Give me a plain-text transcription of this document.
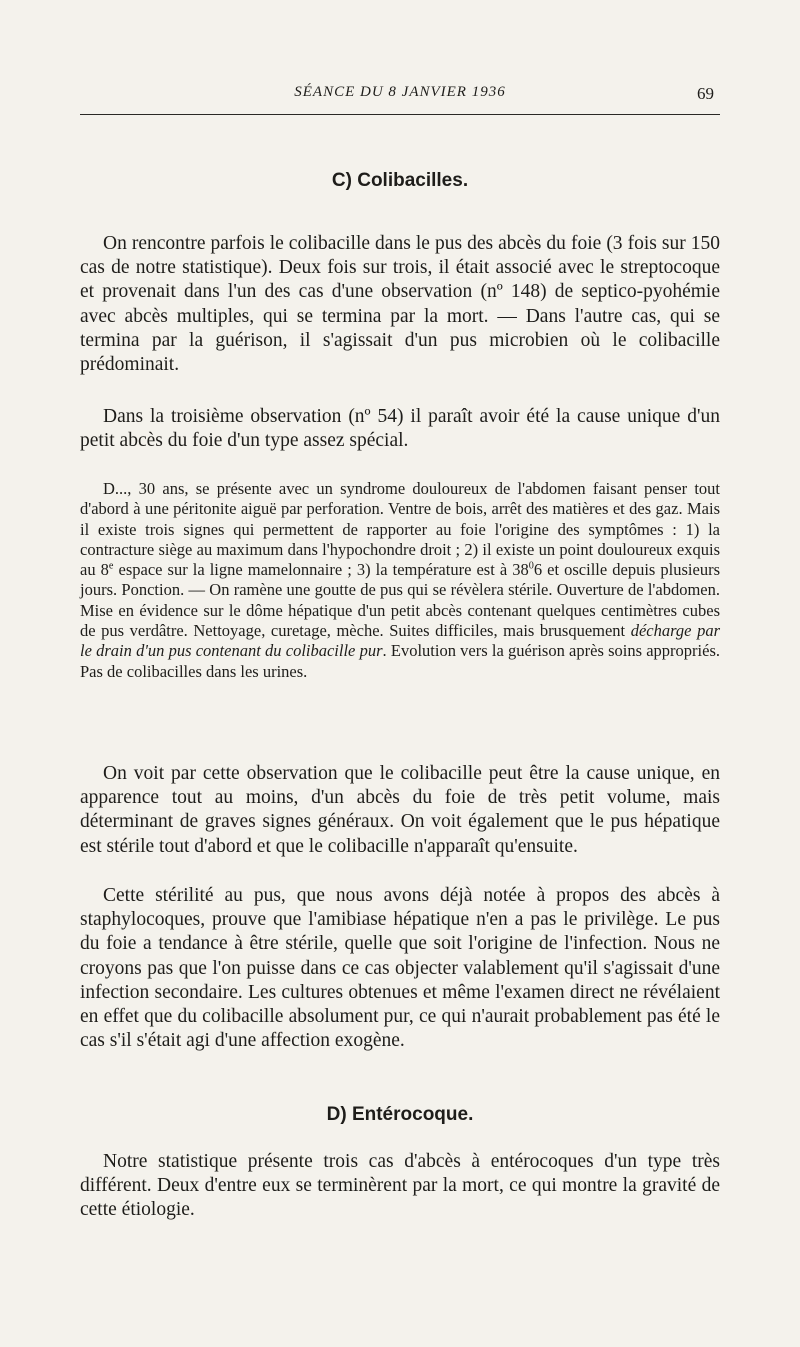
SÉANCE DU 8 JANVIER 1936	69
C) Colibacilles.

On rencontre parfois le colibacille dans le pus des abcès du foie (3 fois sur 150 cas de notre statistique). Deux fois sur trois, il était associé avec le streptocoque et provenait dans l'un des cas d'une observation (nº 148) de septico-pyohémie avec abcès multiples, qui se termina par la mort. — Dans l'autre cas, qui se termina par la guérison, il s'agissait d'un pus microbien où le colibacille prédominait.

Dans la troisième observation (nº 54) il paraît avoir été la cause unique d'un petit abcès du foie d'un type assez spécial.

D..., 30 ans, se présente avec un syndrome douloureux de l'abdomen faisant penser tout d'abord à une péritonite aiguë par perforation. Ventre de bois, arrêt des matières et des gaz. Mais il existe trois signes qui permettent de rapporter au foie l'origine des symptômes : 1) la contracture siège au maximum dans l'hypochondre droit ; 2) il existe un point douloureux exquis au 8e espace sur la ligne mamelonnaire ; 3) la température est à $38^06$ et oscille depuis plusieurs jours. Ponction. — On ramène une goutte de pus qui se révèlera stérile. Ouverture de l'abdomen. Mise en évidence sur le dôme hépatique d'un petit abcès contenant quelques centimètres cubes de pus verdâtre. Nettoyage, curetage, mèche. Suites difficiles, mais brusquement décharge par le drain d'un pus contenant du colibacille pur. Evolution vers la guérison après soins appropriés. Pas de colibacilles dans les urines.

On voit par cette observation que le colibacille peut être la cause unique, en apparence tout au moins, d'un abcès du foie de très petit volume, mais déterminant de graves signes généraux. On voit également que le pus hépatique est stérile tout d'abord et que le colibacille n'apparaît qu'ensuite.

Cette stérilité au pus, que nous avons déjà notée à propos des abcès à staphylocoques, prouve que l'amibiase hépatique n'en a pas le privilège. Le pus du foie a tendance à être stérile, quelle que soit l'origine de l'infection. Nous ne croyons pas que l'on puisse dans ce cas objecter valablement qu'il s'agissait d'une infection secondaire. Les cultures obtenues et même l'examen direct ne révélaient en effet que du colibacille absolument pur, ce qui n'aurait probablement pas été le cas s'il s'était agi d'une affection exogène.

D) Entérocoque.

Notre statistique présente trois cas d'abcès à entérocoques d'un type très différent. Deux d'entre eux se terminèrent par la mort, ce qui montre la gravité de cette étiologie.
